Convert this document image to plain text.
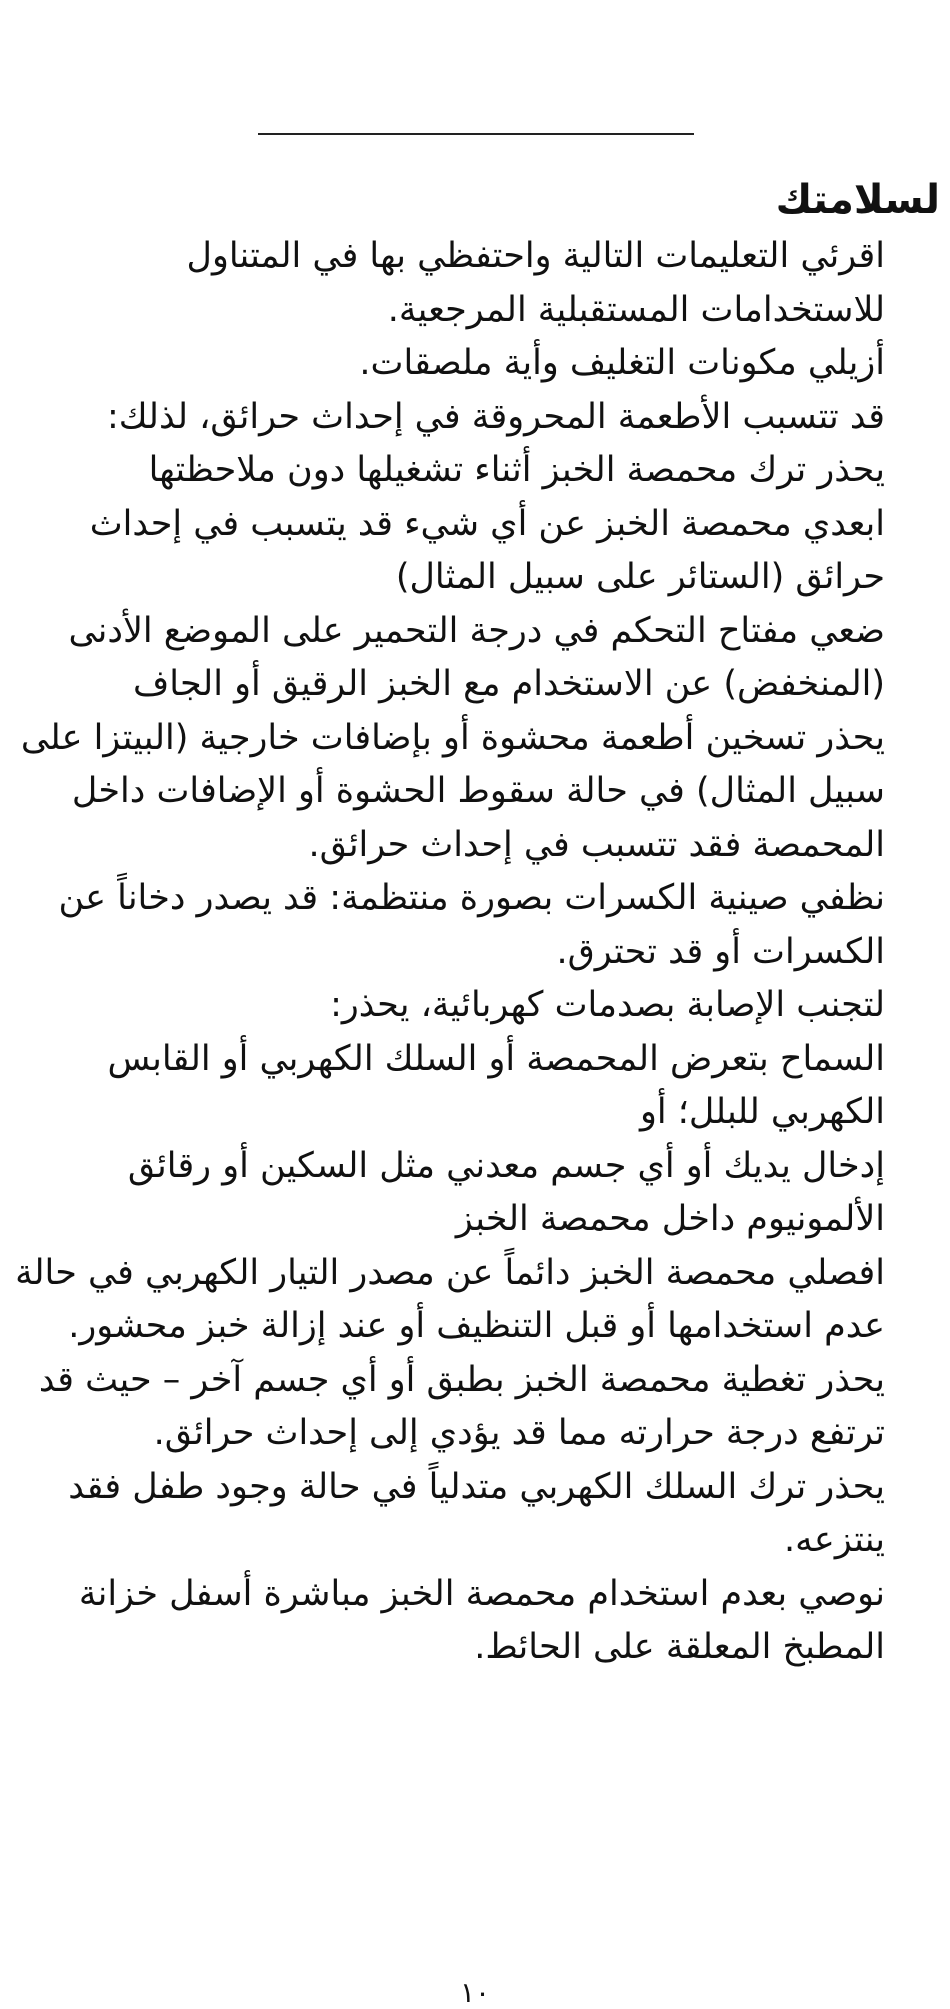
لسلامتك

اقرئي التعليمات التالية واحتفظي بها في المتناول للاستخدامات المستقبلية المرجعية.

أزيلي مكونات التغليف وأية ملصقات.

قد تتسبب الأطعمة المحروقة في إحداث حرائق، لذلك:

يحذر ترك محمصة الخبز أثناء تشغيلها دون ملاحظتها

ابعدي محمصة الخبز عن أي شيء قد يتسبب في إحداث حرائق (الستائر على سبيل المثال)

ضعي مفتاح التحكم في درجة التحمير على الموضع الأدنى (المنخفض) عن الاستخدام مع الخبز الرقيق أو الجاف

يحذر تسخين أطعمة محشوة أو بإضافات خارجية (البيتزا على سبيل المثال) في حالة سقوط الحشوة أو الإضافات داخل المحمصة فقد تتسبب في إحداث حرائق.

نظفي صينية الكسرات بصورة منتظمة: قد يصدر دخاناً عن الكسرات أو قد تحترق.

لتجنب الإصابة بصدمات كهربائية، يحذر:

السماح بتعرض المحمصة أو السلك الكهربي أو القابس الكهربي للبلل؛ أو

إدخال يديك أو أي جسم معدني مثل السكين أو رقائق الألمونيوم داخل محمصة الخبز

افصلي محمصة الخبز دائماً عن مصدر التيار الكهربي في حالة عدم استخدامها أو قبل التنظيف أو عند إزالة خبز محشور.

يحذر تغطية محمصة الخبز بطبق أو أي جسم آخر – حيث قد ترتفع درجة حرارته مما قد يؤدي إلى إحداث حرائق.

يحذر ترك السلك الكهربي متدلياً في حالة وجود طفل فقد ينتزعه.

نوصي بعدم استخدام محمصة الخبز مباشرة أسفل خزانة المطبخ المعلقة على الحائط.

١٠
